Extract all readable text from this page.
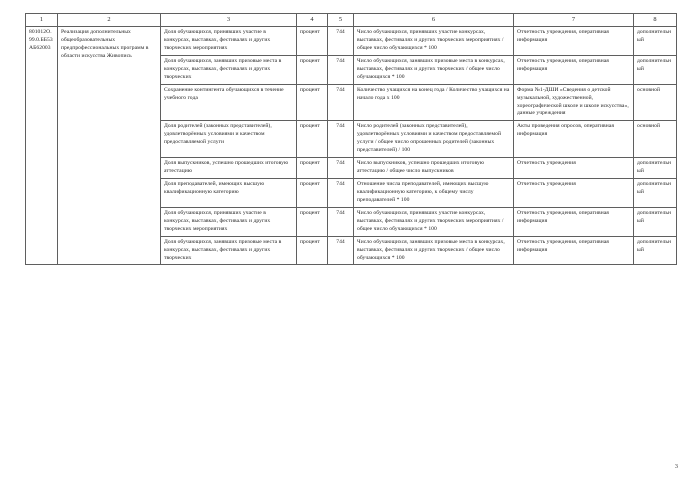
1	2	3	4	5	6	7	8
801012О.99.0.ББ53АБ62003	Реализация дополнительных общеобразовательных предпрофессиональных программ в области искусства Живопись	Доля обучающихся, принявших участие в конкурсах, выставках, фестивалях и других творческих мероприятиях	процент	744	Число обучающихся, принявших участие конкурсах, выставках, фестивалях и других творческих мероприятиях / общее число обучающихся * 100	Отчетность учреждения, оперативная информация	дополнительный
		Доля обучающихся, занявших призовые места в конкурсах, выставках, фестивалях и других творческих	процент	744	Число обучающихся, занявших призовые места в конкурсах, выставках, фестивалях и других творческих / общее число обучающихся * 100	Отчетность учреждения, оперативная информация	дополнительный
		Сохранение контингента обучающихся в течение учебного года	процент	744	Количество учащихся на конец года / Количество учащихся на начало года х 100	Форма №1-ДШИ «Сведения о детской музыкальной, художественной, хореографической школе и школе искусства», данные учреждения	основной
		Доля родителей (законных представителей), удовлетворённых условиями и качеством предоставляемой услуги	процент	744	Число родителей (законных представителей), удовлетворённых условиями и качеством предоставляемой услуги / общее число опрошенных родителей (законных представителей) / 100	Акты проведения опросов, оперативная информация	основной
		Доля выпускников, успешно прошедших итоговую аттестацию	процент	744	Число выпускников, успешно прошедших итоговую аттестацию / общее число выпускников	Отчетность учреждения	дополнительный
		Доля преподавателей, имеющих высшую квалификационную категорию	процент	744	Отношение числа преподавателей, имеющих высшую квалификационную категорию, к общему числу преподавателей * 100	Отчетность учреждения	дополнительный
		Доля обучающихся, принявших участие в конкурсах, выставках, фестивалях и других творческих мероприятиях	процент	744	Число обучающихся, принявших участие конкурсах, выставках, фестивалях и других творческих мероприятиях / общее число обучающихся * 100	Отчетность учреждения, оперативная информация	дополнительный
		Доля обучающихся, занявших призовые места в конкурсах, выставках, фестивалях и других творческих	процент	744	Число обучающихся, занявших призовые места в конкурсах, выставках, фестивалях и других творческих / общее число обучающихся * 100	Отчетность учреждения, оперативная информация	дополнительный
3
